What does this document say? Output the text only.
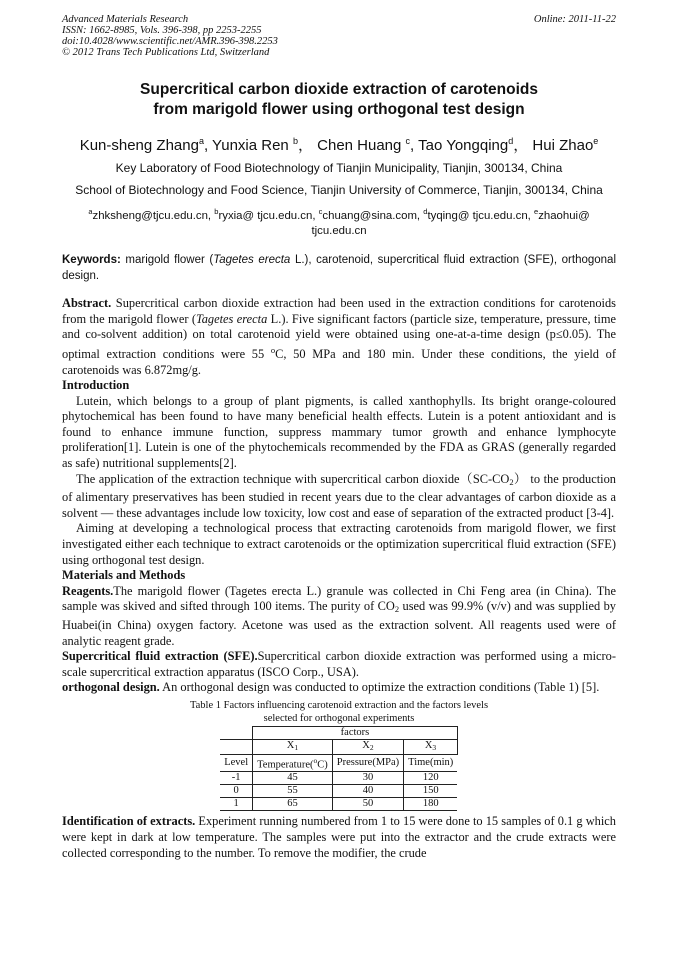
Advanced Materials Research
ISSN: 1662-8985, Vols. 396-398, pp 2253-2255
doi:10.4028/www.scientific.net/AMR.396-398.2253
© 2012 Trans Tech Publications Ltd, Switzerland
Online: 2011-11-22
Supercritical carbon dioxide extraction of carotenoids
from marigold flower using orthogonal test design
Kun-sheng Zhang$^a$, Yunxia Ren $^b$， Chen Huang $^c$, Tao Yongqing$^d$， Hui Zhao$^e$
Key Laboratory of Food Biotechnology of Tianjin Municipality, Tianjin, 300134, China
School of Biotechnology and Food Science, Tianjin University of Commerce, Tianjin, 300134, China
$^a$zhksheng@tjcu.edu.cn, $^b$ryxia@ tjcu.edu.cn, $^c$chuang@sina.com, $^d$tyqing@ tjcu.edu.cn, $^e$zhaohui@
tjcu.edu.cn
Keywords: marigold flower (Tagetes erecta L.), carotenoid, supercritical fluid extraction (SFE), orthogonal design.

Abstract. Supercritical carbon dioxide extraction had been used in the extraction conditions for carotenoids from the marigold flower (Tagetes erecta L.). Five significant factors (particle size, temperature, pressure, time and co-solvent addition) on total carotenoid yield were obtained using one-at-a-time design (p≤0.05). The optimal extraction conditions were 55 $^o$C, 50 MPa and 180 min. Under these conditions, the yield of carotenoids was 6.872mg/g.

Introduction

Lutein, which belongs to a group of plant pigments, is called xanthophylls. Its bright orange-coloured phytochemical has been found to have many beneficial health effects. Lutein is a potent antioxidant and is found to enhance immune function, suppress mammary tumor growth and enhance lymphocyte proliferation[1]. Lutein is one of the phytochemicals recommended by the FDA as GRAS (generally regarded as safe) nutritional supplements[2].

The application of the extraction technique with supercritical carbon $dioxide(SC-CO_2)$ to the production of alimentary preservatives has been studied in recent years due to the clear advantages of carbon dioxide as a solvent — these advantages include low toxicity, low cost and ease of separation of the extracted product [3-4].

Aiming at developing a technological process that extracting carotenoids from marigold flower, we first investigated either each technique to extract carotenoids or the optimization supercritical fluid extraction (SFE) using orthogonal test design.

Materials and Methods

Reagents.The marigold flower (Tagetes erecta L.) granule was collected in Chi Feng area (in China). The sample was skived and sifted through 100 items. The purity of $CO_2$ used was 99.9% (v/v) and was supplied by Huabei(in China) oxygen factory. Acetone was used as the extraction solvent. All reagents used were of analytic reagent grade.

Supercritical fluid extraction (SFE).Supercritical carbon dioxide extraction was performed using a micro-scale supercritical extraction apparatus (ISCO Corp., USA).

orthogonal design. An orthogonal design was conducted to optimize the extraction conditions (Table 1) [5].

Table 1 Factors influencing carotenoid extraction and the factors levels
selected for orthogonal experiments
	factors		
	$X_1$	$X_2$	$X_3$
Level	Temperature($^o$C)	Pressure(MPa)	Time(min)
-1	45	30	120
0	55	40	150
1	65	50	180

Identification of extracts. Experiment running numbered from 1 to 15 were done to 15 samples of 0.1 g which were kept in dark at low temperature. The samples were put into the extractor and the crude extracts were collected corresponding to the number. To remove the modifier, the crude
